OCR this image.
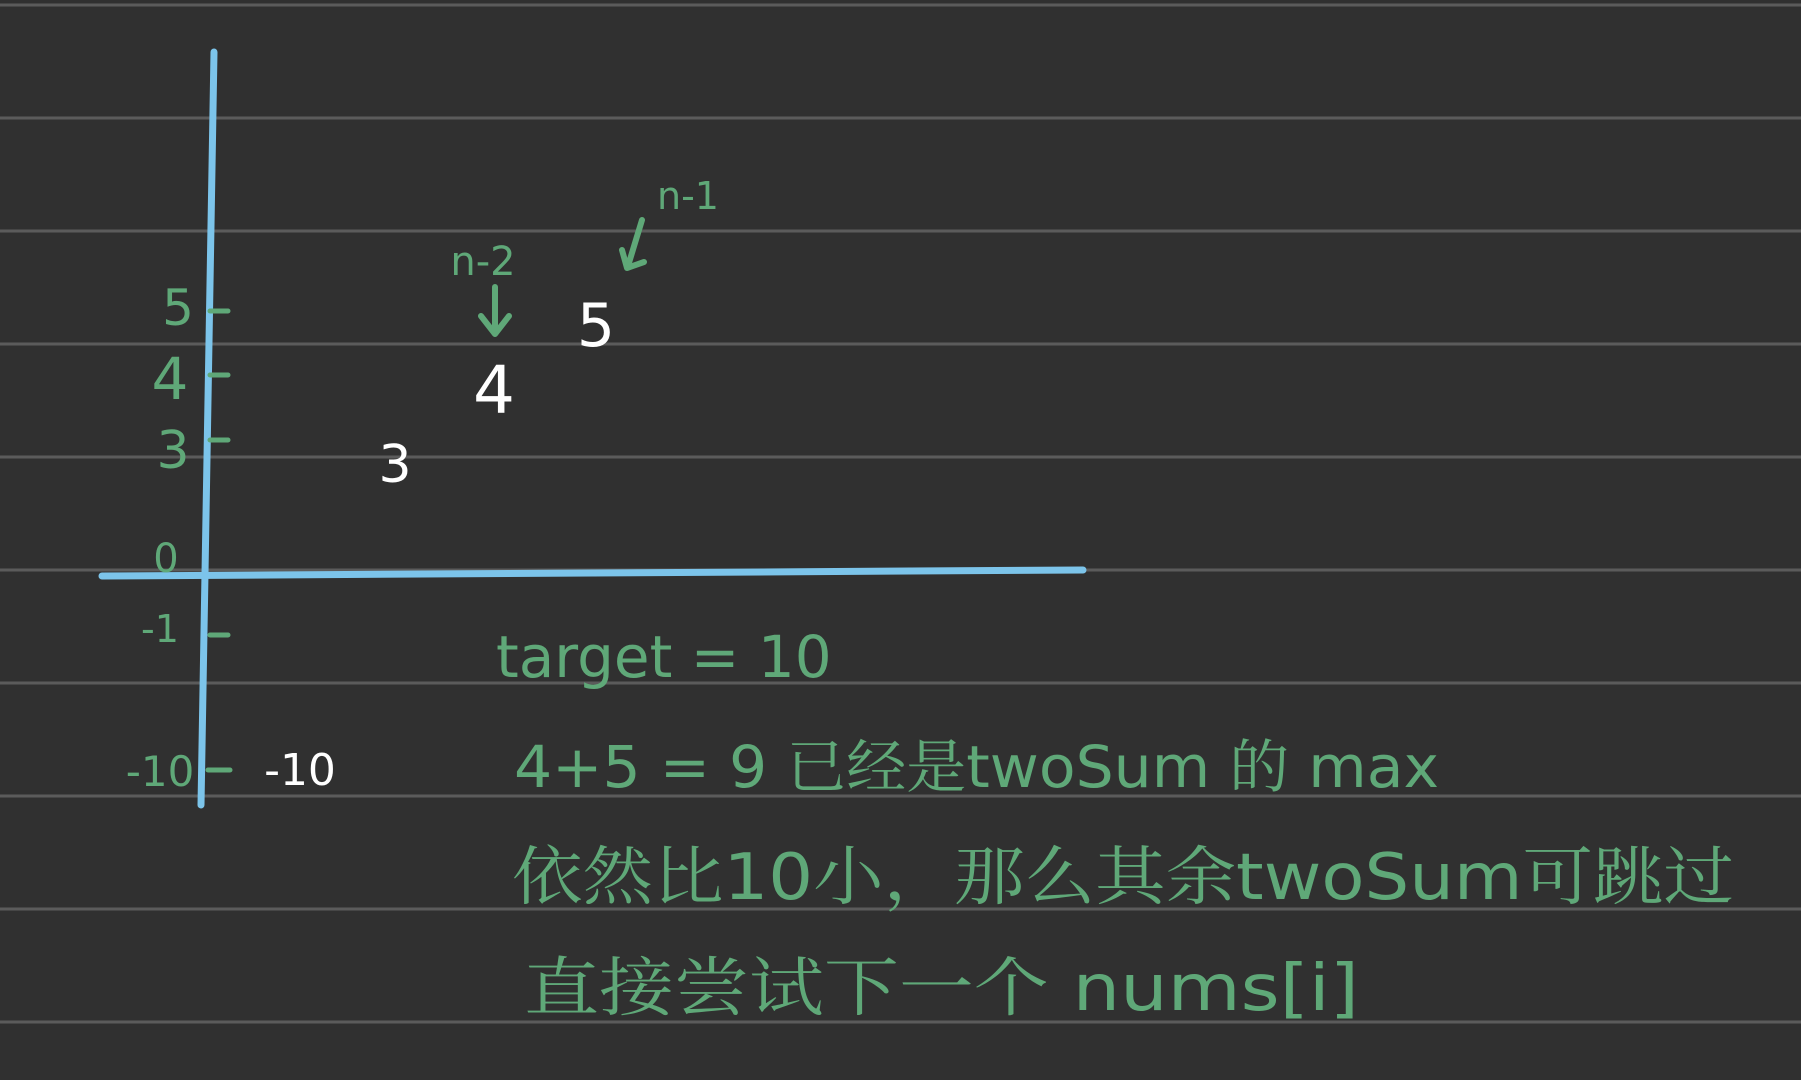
5
4
3
0
-1
-10 -10
3
4
5
n-2
n-1
target = 10
4+5 = 9 已经是twoSum 的 max
依然比10小，那么其余twoSum可跳过
直接尝试下一个 nums[i]
